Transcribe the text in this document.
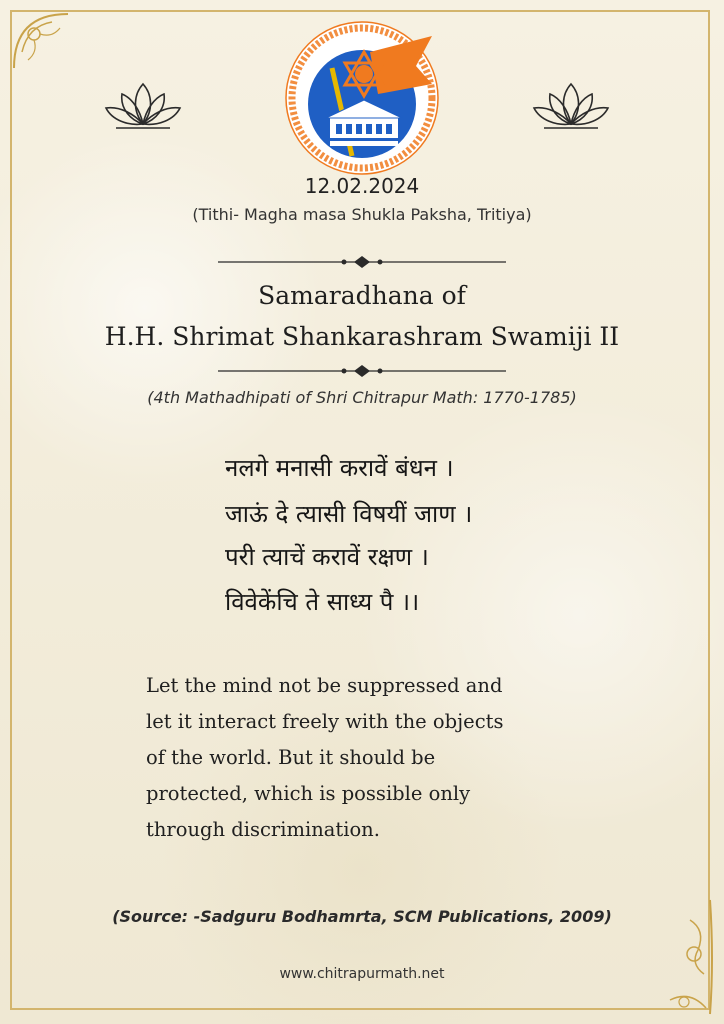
12.02.2024
(Tithi- Magha masa Shukla Paksha, Tritiya)
Samaradhana of
H.H. Shrimat Shankarashram Swamiji II
(4th Mathadhipati of Shri Chitrapur Math: 1770-1785)
नलगे मनासी करावें बंधन ।
जाऊं दे त्यासी विषयीं जाण ।
परी त्याचें करावें रक्षण ।
विवेकेंचि ते साध्य पै ।।

Let the mind not be suppressed and

let it interact freely with the objects

of the world. But it should be

protected, which is possible only

through discrimination.

(Source: -Sadguru Bodhamrta, SCM Publications, 2009)
www.chitrapurmath.net
